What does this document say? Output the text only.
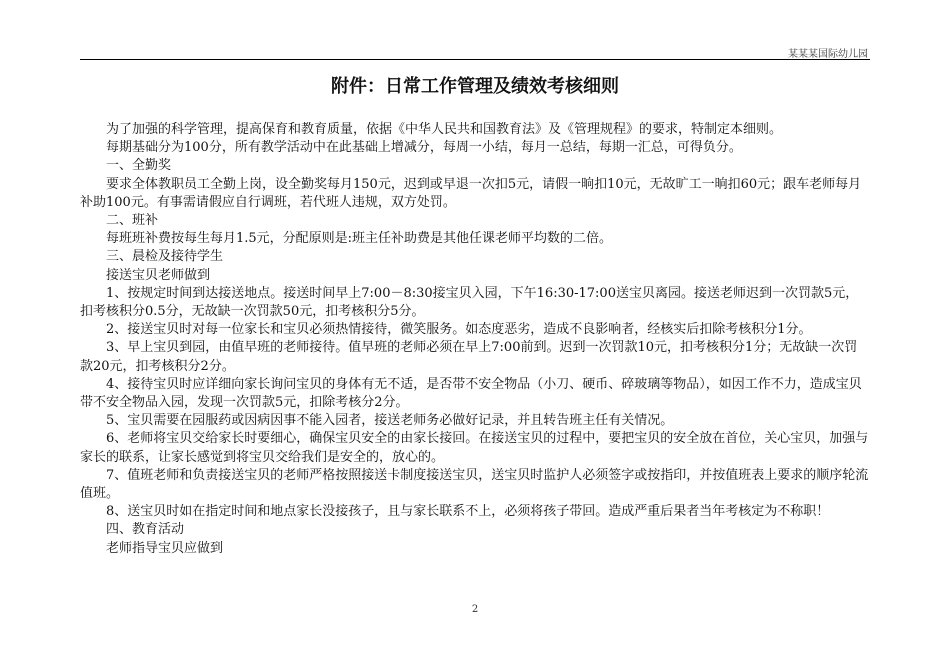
某某某国际幼儿园
附件：日常工作管理及绩效考核细则

为了加强的科学管理，提高保育和教育质量，依据《中华人民共和国教育法》及《管理规程》的要求，特制定本细则。

每期基础分为100分，所有教学活动中在此基础上增减分，每周一小结，每月一总结，每期一汇总，可得负分。

一、全勤奖

要求全体教职员工全勤上岗，设全勤奖每月150元，迟到或早退一次扣5元，请假一晌扣10元，无故旷工一晌扣60元；跟车老师每月补助100元。有事需请假应自行调班，若代班人违规，双方处罚。

二、班补

每班班补费按每生每月1.5元，分配原则是:班主任补助费是其他任课老师平均数的二倍。

三、晨检及接待学生

接送宝贝老师做到

1、按规定时间到达接送地点。接送时间早上7:00－8:30接宝贝入园，下午16:30-17:00送宝贝离园。接送老师迟到一次罚款5元，扣考核积分0.5分，无故缺一次罚款50元，扣考核积分5分。

2、接送宝贝时对每一位家长和宝贝必须热情接待，微笑服务。如态度恶劣，造成不良影响者，经核实后扣除考核积分1分。

3、早上宝贝到园，由值早班的老师接待。值早班的老师必须在早上7:00前到。迟到一次罚款10元，扣考核积分1分；无故缺一次罚款20元，扣考核积分2分。

4、接待宝贝时应详细向家长询问宝贝的身体有无不适，是否带不安全物品（小刀、硬币、碎玻璃等物品），如因工作不力，造成宝贝带不安全物品入园，发现一次罚款5元，扣除考核分2分。

5、宝贝需要在园服药或因病因事不能入园者，接送老师务必做好记录，并且转告班主任有关情况。

6、老师将宝贝交给家长时要细心，确保宝贝安全的由家长接回。在接送宝贝的过程中，要把宝贝的安全放在首位，关心宝贝，加强与家长的联系，让家长感觉到将宝贝交给我们是安全的，放心的。

7、值班老师和负责接送宝贝的老师严格按照接送卡制度接送宝贝，送宝贝时监护人必须签字或按指印，并按值班表上要求的顺序轮流值班。

8、送宝贝时如在指定时间和地点家长没接孩子，且与家长联系不上，必须将孩子带回。造成严重后果者当年考核定为不称职！

四、教育活动

老师指导宝贝应做到

2
